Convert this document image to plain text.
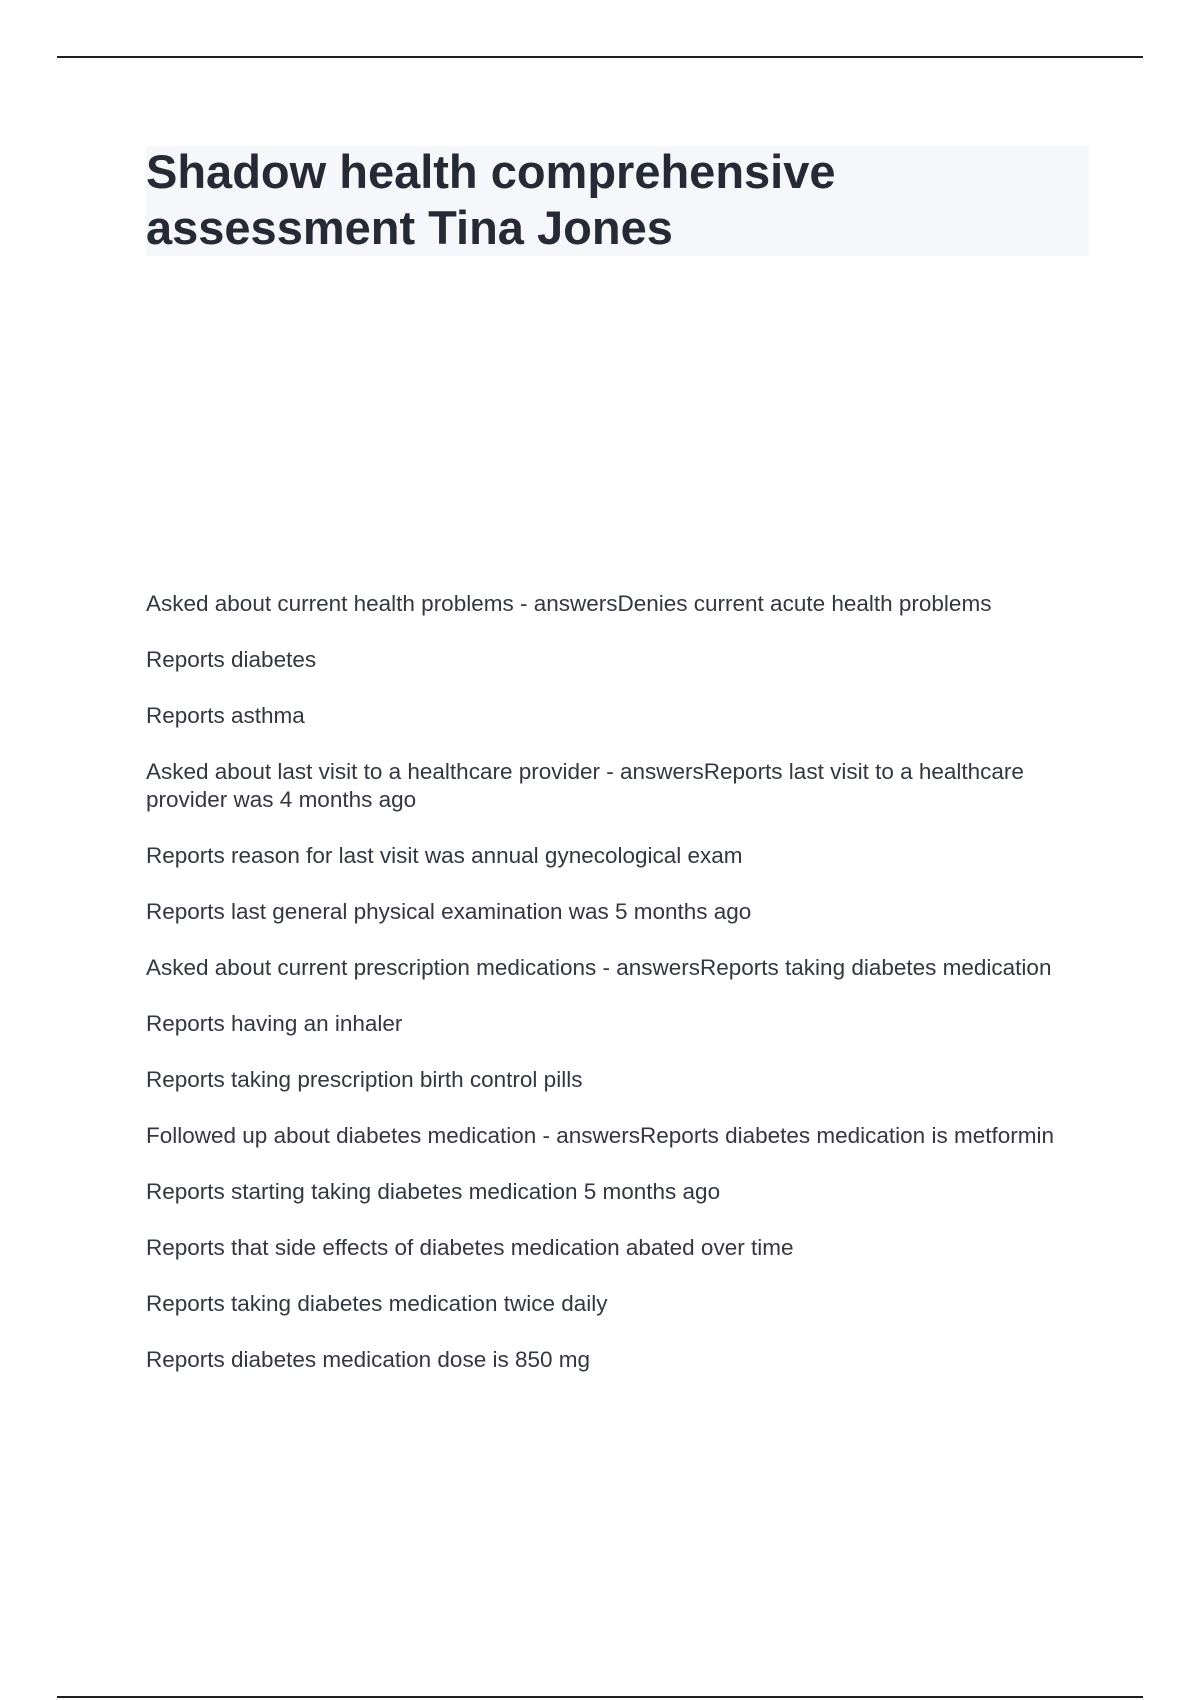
Shadow health comprehensive assessment Tina Jones
Asked about current health problems - answersDenies current acute health problems
Reports diabetes
Reports asthma
Asked about last visit to a healthcare provider - answersReports last visit to a healthcare provider was 4 months ago
Reports reason for last visit was annual gynecological exam
Reports last general physical examination was 5 months ago
Asked about current prescription medications - answersReports taking diabetes medication
Reports having an inhaler
Reports taking prescription birth control pills
Followed up about diabetes medication - answersReports diabetes medication is metformin
Reports starting taking diabetes medication 5 months ago
Reports that side effects of diabetes medication abated over time
Reports taking diabetes medication twice daily
Reports diabetes medication dose is 850 mg
